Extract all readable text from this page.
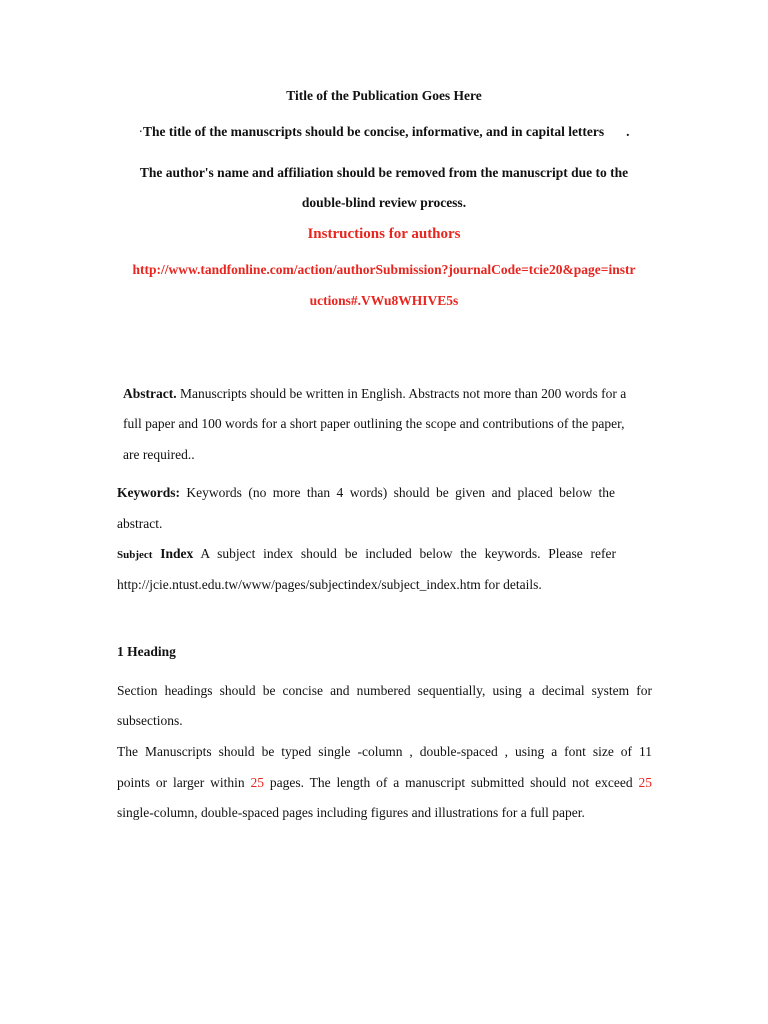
Title of the Publication Goes Here
·The title of the manuscripts should be concise, informative, and in capital letters .
The author's name and affiliation should be removed from the manuscript due to the
double-blind review process.
Instructions for authors
http://www.tandfonline.com/action/authorSubmission?journalCode=tcie20&page=instr
uctions#.VWu8WHIVE5s
Abstract. Manuscripts should be written in English. Abstracts not more than 200 words for a
full paper and 100 words for a short paper outlining the scope and contributions of the paper,
are required..
Keywords: Keywords (no more than 4 words) should be given and placed below the
abstract.
Subject Index A subject index should be included below the keywords. Please refer
http://jcie.ntust.edu.tw/www/pages/subjectindex/subject_index.htm for details.
1 Heading
Section headings should be concise and numbered sequentially, using a decimal system for
subsections.
The Manuscripts should be typed single -column , double-spaced , using a font size of 11
points or larger within 25 pages. The length of a manuscript submitted should not exceed 25
single-column, double-spaced pages including figures and illustrations for a full paper.
